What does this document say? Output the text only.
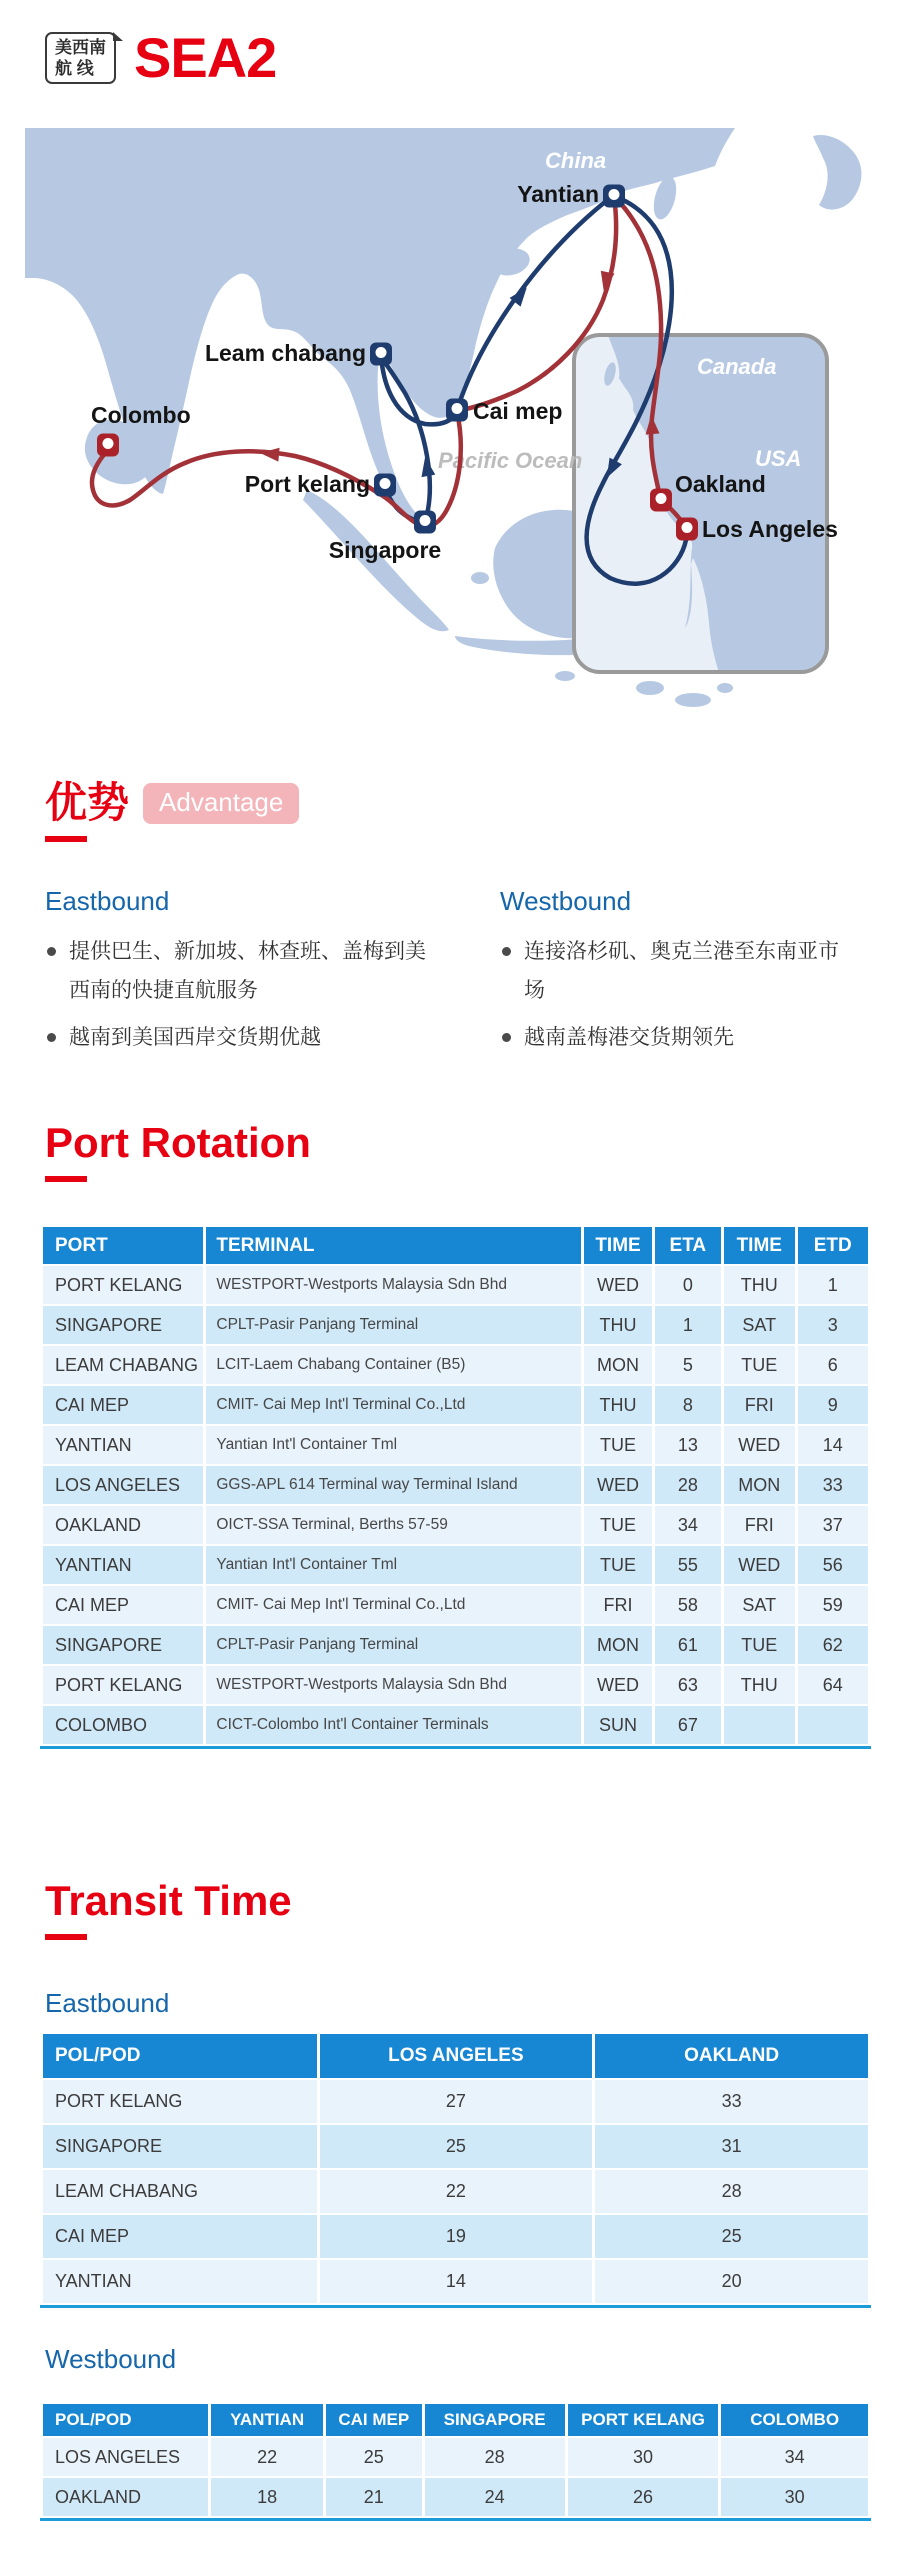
美西南
航 线 SEA2
Canada
USA
China
Pacific Ocean
Yantian
Leam chabang
Cai mep
Port kelang
Singapore
Colombo
Oakland
Los Angeles
优势	Advantage
Eastbound
提供巴生、新加坡、林查班、盖梅到美西南的快捷直航服务
越南到美国西岸交货期优越
Westbound
连接洛杉矶、奥克兰港至东南亚市场
越南盖梅港交货期领先
Port Rotation
PORT	TERMINAL	TIME	ETA	TIME	ETD
PORT KELANG	WESTPORT-Westports Malaysia Sdn Bhd	WED	0	THU	1
SINGAPORE	CPLT-Pasir Panjang Terminal	THU	1	SAT	3
LEAM CHABANG	LCIT-Laem Chabang Container (B5)	MON	5	TUE	6
CAI MEP	CMIT- Cai Mep Int'l Terminal Co.,Ltd	THU	8	FRI	9
YANTIAN	Yantian Int'l Container Tml	TUE	13	WED	14
LOS ANGELES	GGS-APL 614 Terminal way Terminal Island	WED	28	MON	33
OAKLAND	OICT-SSA Terminal, Berths 57-59	TUE	34	FRI	37
YANTIAN	Yantian Int'l Container Tml	TUE	55	WED	56
CAI MEP	CMIT- Cai Mep Int'l Terminal Co.,Ltd	FRI	58	SAT	59
SINGAPORE	CPLT-Pasir Panjang Terminal	MON	61	TUE	62
PORT KELANG	WESTPORT-Westports Malaysia Sdn Bhd	WED	63	THU	64
COLOMBO	CICT-Colombo Int'l Container Terminals	SUN	67		
Transit Time
Eastbound
POL/POD	LOS ANGELES	OAKLAND
PORT KELANG	27	33
SINGAPORE	25	31
LEAM CHABANG	22	28
CAI MEP	19	25
YANTIAN	14	20
Westbound
POL/POD	YANTIAN	CAI MEP	SINGAPORE	PORT KELANG	COLOMBO
LOS ANGELES	22	25	28	30	34
OAKLAND	18	21	24	26	30
